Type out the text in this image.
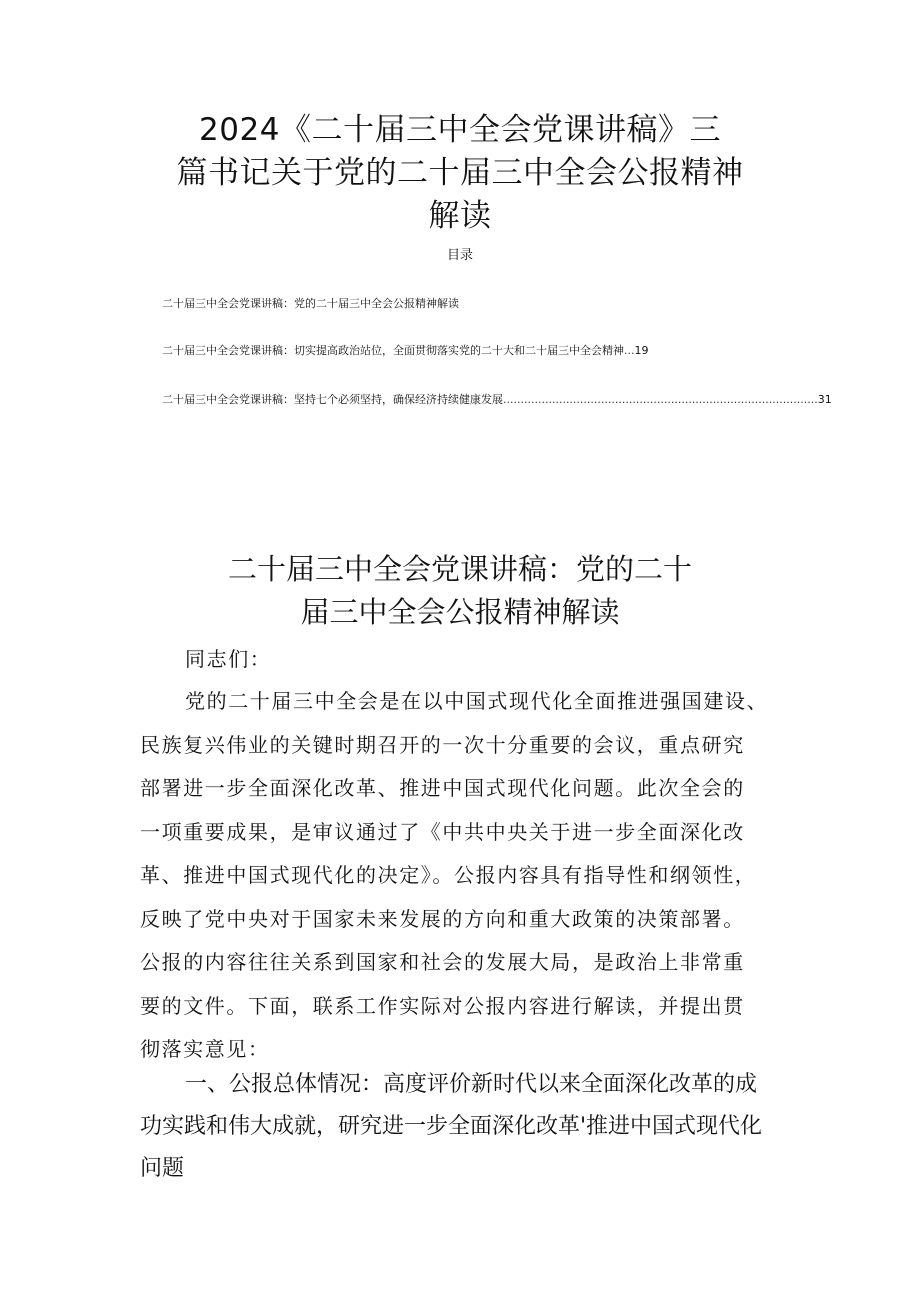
2024《二十届三中全会党课讲稿》三
篇书记关于党的二十届三中全会公报精神
解读
目录
二十届三中全会党课讲稿：党的二十届三中全会公报精神解读
二十届三中全会党课讲稿：切实提高政治站位，全面贯彻落实党的二十大和二十届三中全会精神 ... 19
二十届三中全会党课讲稿：坚持七个必须坚持，确保经济持续健康发展 .......................................................................................... 31
二十届三中全会党课讲稿：党的二十
届三中全会公报精神解读
同志们：
党的二十届三中全会是在以中国式现代化全面推进强国建设、
民族复兴伟业的关键时期召开的一次十分重要的会议，重点研究
部署进一步全面深化改革、推进中国式现代化问题。此次全会的
一项重要成果，是审议通过了《中共中央关于进一步全面深化改
革、推进中国式现代化的决定》。公报内容具有指导性和纲领性，
反映了党中央对于国家未来发展的方向和重大政策的决策部署。
公报的内容往往关系到国家和社会的发展大局，是政治上非常重
要的文件。下面，联系工作实际对公报内容进行解读，并提出贯
彻落实意见：
一、公报总体情况：高度评价新时代以来全面深化改革的成
功实践和伟大成就，研究进一步全面深化改革'推进中国式现代化
问题
